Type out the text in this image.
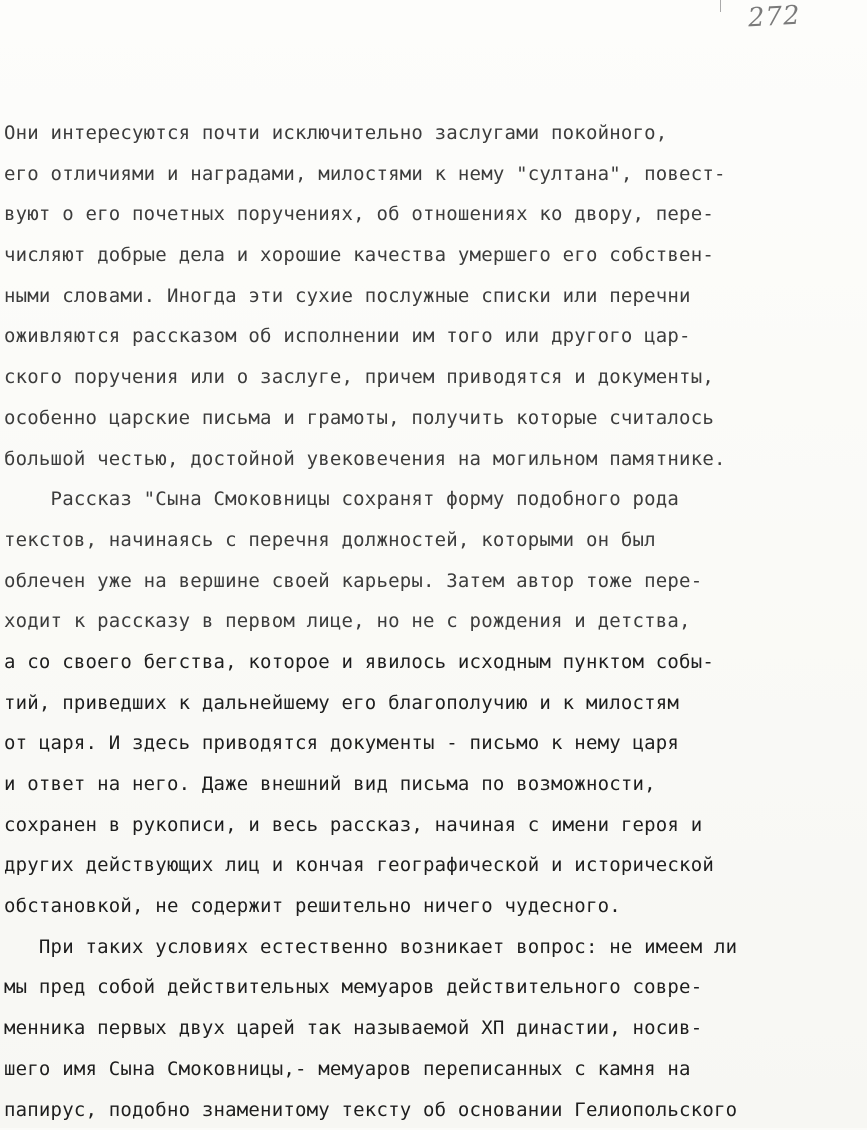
272
Они интересуются почти исключительно заслугами покойного,
его отличиями и наградами, милостями к нему "султана", повест-
вуют о его почетных поручениях, об отношениях ко двору, пере-
числяют добрые дела и хорошие качества умершего его собствен-
ными словами. Иногда эти сухие послужные списки или перечни
оживляются рассказом об исполнении им того или другого цар-
ского поручения или о заслуге, причем приводятся и документы,
особенно царские письма и грамоты, получить которые считалось
большой честью, достойной увековечения на могильном памятнике.
Рассказ "Сына Смоковницы сохранят форму подобного рода
текстов, начинаясь с перечня должностей, которыми он был
облечен уже на вершине своей карьеры. Затем автор тоже пере-
ходит к рассказу в первом лице, но не с рождения и детства,
а со своего бегства, которое и явилось исходным пунктом собы-
тий, приведших к дальнейшему его благополучию и к милостям
от царя. И здесь приводятся документы - письмо к нему царя
и ответ на него. Даже внешний вид письма по возможности,
сохранен в рукописи, и весь рассказ, начиная с имени героя и
других действующих лиц и кончая географической и исторической
обстановкой, не содержит решительно ничего чудесного.
При таких условиях естественно возникает вопрос: не имеем ли
мы пред собой действительных мемуаров действительного совре-
менника первых двух царей так называемой ХП династии, носив-
шего имя Сына Смоковницы,- мемуаров переписанных с камня на
папирус, подобно знаменитому тексту об основании Гелиопольского
